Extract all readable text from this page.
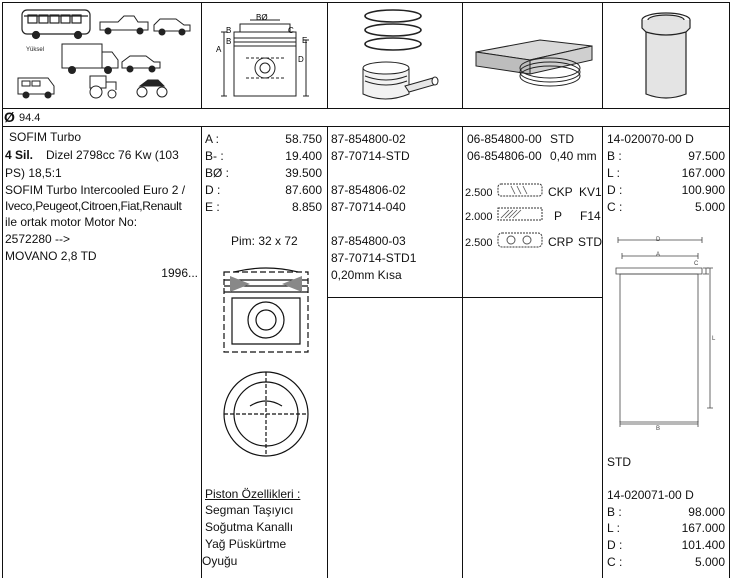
Yüksel	A
B
B
BØ
C
E
D
Ø 94.4
SOFIM Turbo
4 Sil. Dizel 2798cc 76 Kw (103
PS) 18,5:1
SOFIM Turbo Intercooled Euro 2 /
Iveco,Peugeot,Citroen,Fiat,Renault
ile ortak motor Motor No:
2572280 -->
MOVANO 2,8 TD
1996...
A :	58.750
B- :	19.400
BØ :	39.500
D :	87.600
E :	8.850
Pim: 32 x 72
Piston Özellikleri :
Segman Taşıyıcı
Soğutma Kanallı
Yağ Püskürtme
Oyuğu
87-854800-02
87-70714-STD
87-854806-02
87-70714-040
87-854800-03
87-70714-STD1
0,20mm Kısa
06-854800-00 STD
06-854806-00 0,40 mm
2.500	CKP KV1
2.000	P F14
2.500	CRP STD
14-020070-00 D
B :	97.500
L :	167.000
D :	100.900
C :	5.000
D
A
C
L
B
STD
14-020071-00 D
B :	98.000
L :	167.000
D :	101.400
C :	5.000
